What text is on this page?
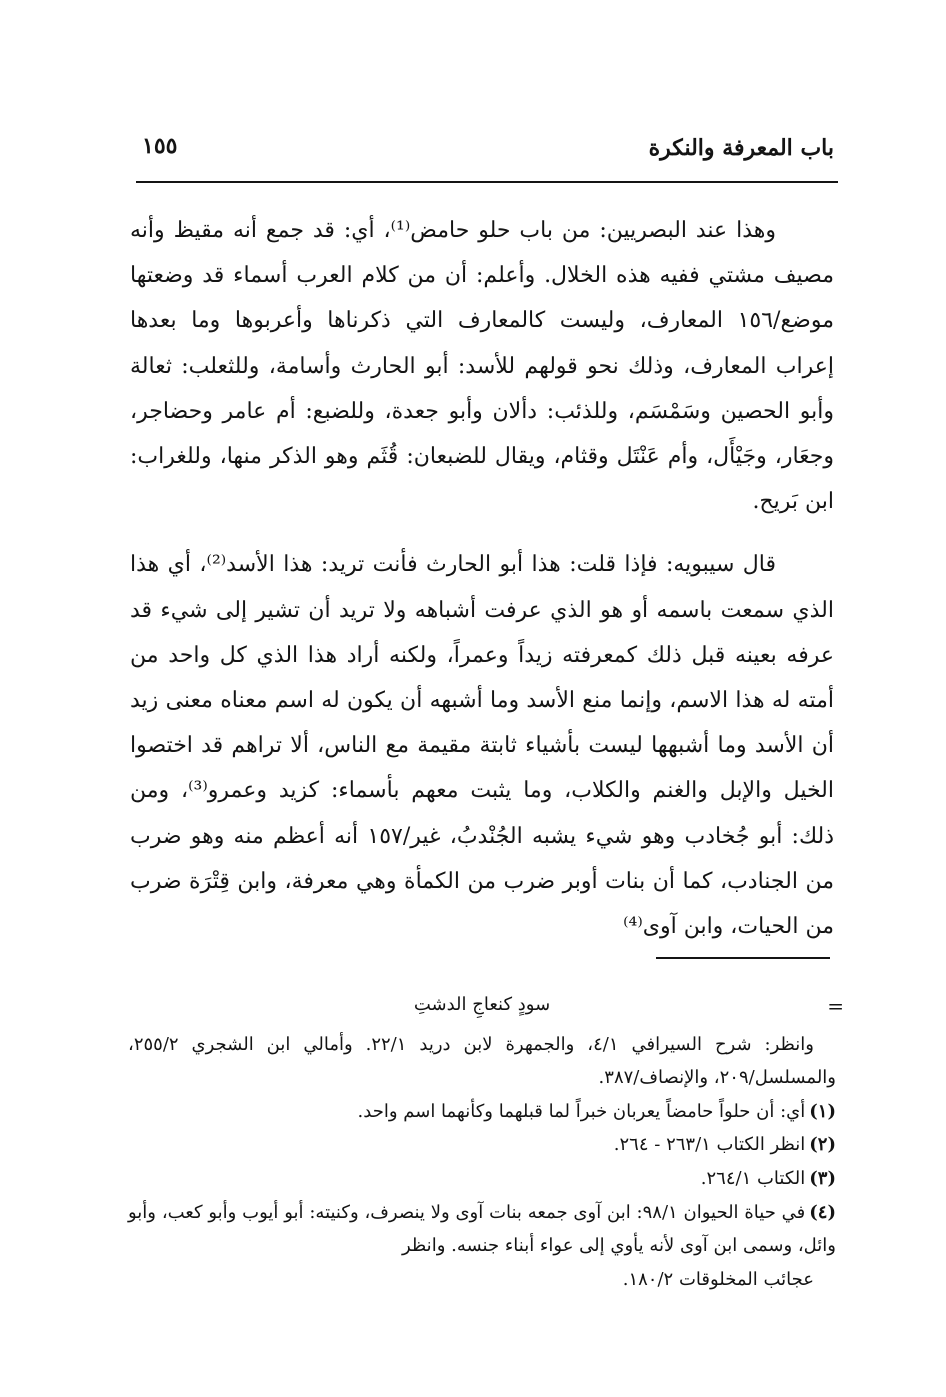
١٥٥	باب المعرفة والنكرة

وهذا عند البصريين: من باب حلو حامض⁽¹⁾، أي: قد جمع أنه مقيظ وأنه مصيف مشتي ففيه هذه الخلال. وأعلم: أن من كلام العرب أسماء قد وضعتها موضع/١٥٦ المعارف، وليست كالمعارف التي ذكرناها وأعربوها وما بعدها إعراب المعارف، وذلك نحو قولهم للأسد: أبو الحارث وأسامة، وللثعلب: ثعالة وأبو الحصين وسَمْسَم، وللذئب: دألان وأبو جعدة، وللضبع: أم عامر وحضاجر، وجعَار، وجَيْأَل، وأم عَنْتَل وقثام، ويقال للضبعان: قُثَم وهو الذكر منها، وللغراب: ابن بَريح.

قال سيبويه: فإذا قلت: هذا أبو الحارث فأنت تريد: هذا الأسد⁽²⁾، أي هذا الذي سمعت باسمه أو هو الذي عرفت أشباهه ولا تريد أن تشير إلى شيء قد عرفه بعينه قبل ذلك كمعرفته زيداً وعمراً، ولكنه أراد هذا الذي كل واحد من أمته له هذا الاسم، وإنما منع الأسد وما أشبهه أن يكون له اسم معناه معنى زيد أن الأسد وما أشبهها ليست بأشياء ثابتة مقيمة مع الناس، ألا تراهم قد اختصوا الخيل والإبل والغنم والكلاب، وما يثبت معهم بأسماء: كزيد وعمرو⁽³⁾، ومن ذلك: أبو جُخادب وهو شيء يشبه الجُنْدبُ، غير/١٥٧ أنه أعظم منه وهو ضرب من الجنادب، كما أن بنات أوبر ضرب من الكمأة وهي معرفة، وابن قِتْرَة ضرب من الحيات، وابن آوى⁽⁴⁾

=
سودٍ كنعاجِ الدشتِ

وانظر: شرح السيرافي ٤/١، والجمهرة لابن دريد ٢٢/١. وأمالي ابن الشجري ٢٥٥/٢، والمسلسل/٢٠٩، والإنصاف/٣٨٧.

(١)أي: أن حلواً حامضاً يعربان خبراً لما قبلهما وكأنهما اسم واحد.

(٢)انظر الكتاب ٢٦٣/١ - ٢٦٤.

(٣)الكتاب ٢٦٤/١.

(٤)في حياة الحيوان ٩٨/١: ابن آوى جمعه بنات آوى ولا ينصرف، وكنيته: أبو أيوب وأبو كعب، وأبو وائل، وسمى ابن آوى لأنه يأوي إلى عواء أبناء جنسه. وانظر

عجائب المخلوقات ١٨٠/٢.
